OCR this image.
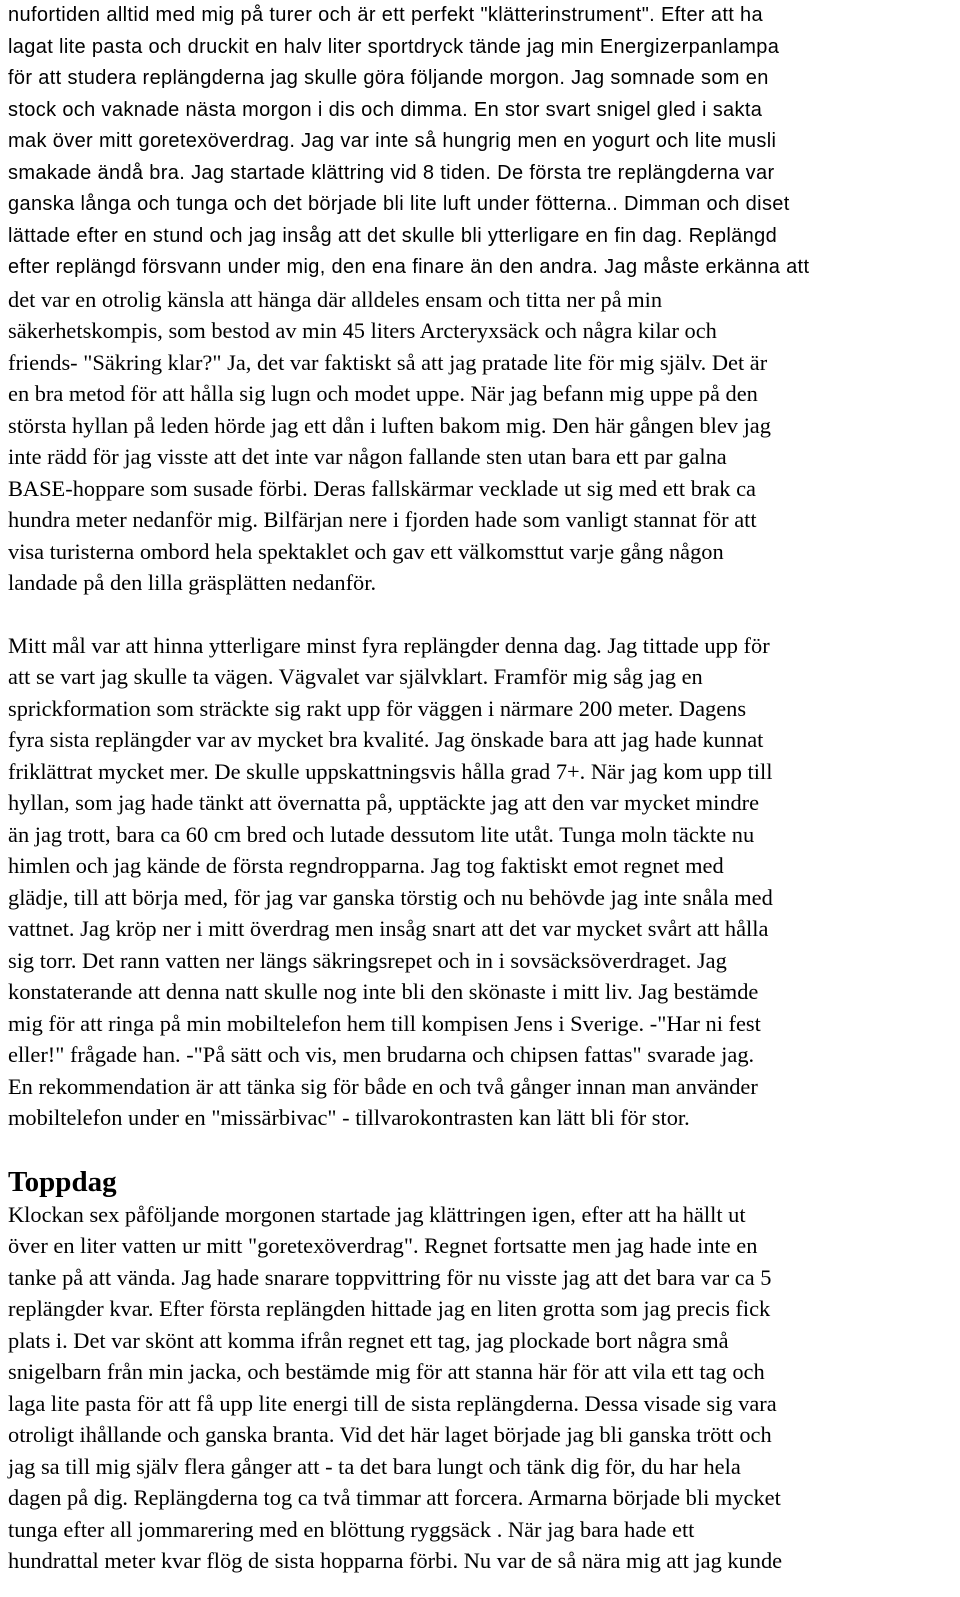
nufortiden alltid med mig på turer och är ett perfekt "klätterinstrument". Efter att ha
lagat lite pasta och druckit en halv liter sportdryck tände jag min Energizerpanlampa
för att studera replängderna jag skulle göra följande morgon. Jag somnade som en
stock och vaknade nästa morgon i dis och dimma. En stor svart snigel gled i sakta
mak över mitt goretexöverdrag. Jag var inte så hungrig men en yogurt och lite musli
smakade ändå bra. Jag startade klättring vid 8 tiden. De första tre replängderna var
ganska långa och tunga och det började bli lite luft under fötterna.. Dimman och diset
lättade efter en stund och jag insåg att det skulle bli ytterligare en fin dag. Replängd
efter replängd försvann under mig, den ena finare än den andra. Jag måste erkänna att
det var en otrolig känsla att hänga där alldeles ensam och titta ner på min
säkerhetskompis, som bestod av min 45 liters Arcteryxsäck och några kilar och
friends- "Säkring klar?" Ja, det var faktiskt så att jag pratade lite för mig själv. Det är
en bra metod för att hålla sig lugn och modet uppe. När jag befann mig uppe på den
största hyllan på leden hörde jag ett dån i luften bakom mig. Den här gången blev jag
inte rädd för jag visste att det inte var någon fallande sten utan bara ett par galna
BASE-hoppare som susade förbi. Deras fallskärmar vecklade ut sig med ett brak ca
hundra meter nedanför mig. Bilfärjan nere i fjorden hade som vanligt stannat för att
visa turisterna ombord hela spektaklet och gav ett välkomsttut varje gång någon
landade på den lilla gräsplätten nedanför.
Mitt mål var att hinna ytterligare minst fyra replängder denna dag. Jag tittade upp för
att se vart jag skulle ta vägen. Vägvalet var självklart. Framför mig såg jag en
sprickformation som sträckte sig rakt upp för väggen i närmare 200 meter. Dagens
fyra sista replängder var av mycket bra kvalité. Jag önskade bara att jag hade kunnat
friklättrat mycket mer. De skulle uppskattningsvis hålla grad 7+. När jag kom upp till
hyllan, som jag hade tänkt att övernatta på, upptäckte jag att den var mycket mindre
än jag trott, bara ca 60 cm bred och lutade dessutom lite utåt. Tunga moln täckte nu
himlen och jag kände de första regndropparna. Jag tog faktiskt emot regnet med
glädje, till att börja med, för jag var ganska törstig och nu behövde jag inte snåla med
vattnet. Jag kröp ner i mitt överdrag men insåg snart att det var mycket svårt att hålla
sig torr. Det rann vatten ner längs säkringsrepet och in i sovsäcksöverdraget. Jag
konstaterande att denna natt skulle nog inte bli den skönaste i mitt liv. Jag bestämde
mig för att ringa på min mobiltelefon hem till kompisen Jens i Sverige. -"Har ni fest
eller!" frågade han. -"På sätt och vis, men brudarna och chipsen fattas" svarade jag.
En rekommendation är att tänka sig för både en och två gånger innan man använder
mobiltelefon under en "missärbivac" - tillvarokontrasten kan lätt bli för stor.
Toppdag
Klockan sex påföljande morgonen startade jag klättringen igen, efter att ha hällt ut
över en liter vatten ur mitt "goretexöverdrag". Regnet fortsatte men jag hade inte en
tanke på att vända. Jag hade snarare toppvittring för nu visste jag att det bara var ca 5
replängder kvar. Efter första replängden hittade jag en liten grotta som jag precis fick
plats i. Det var skönt att komma ifrån regnet ett tag, jag plockade bort några små
snigelbarn från min jacka, och bestämde mig för att stanna här för att vila ett tag och
laga lite pasta för att få upp lite energi till de sista replängderna. Dessa visade sig vara
otroligt ihållande och ganska branta. Vid det här laget började jag bli ganska trött och
jag sa till mig själv flera gånger att - ta det bara lungt och tänk dig för, du har hela
dagen på dig. Replängderna tog ca två timmar att forcera. Armarna började bli mycket
tunga efter all jommarering med en blöttung ryggsäck . När jag bara hade ett
hundrattal meter kvar flög de sista hopparna förbi. Nu var de så nära mig att jag kunde
